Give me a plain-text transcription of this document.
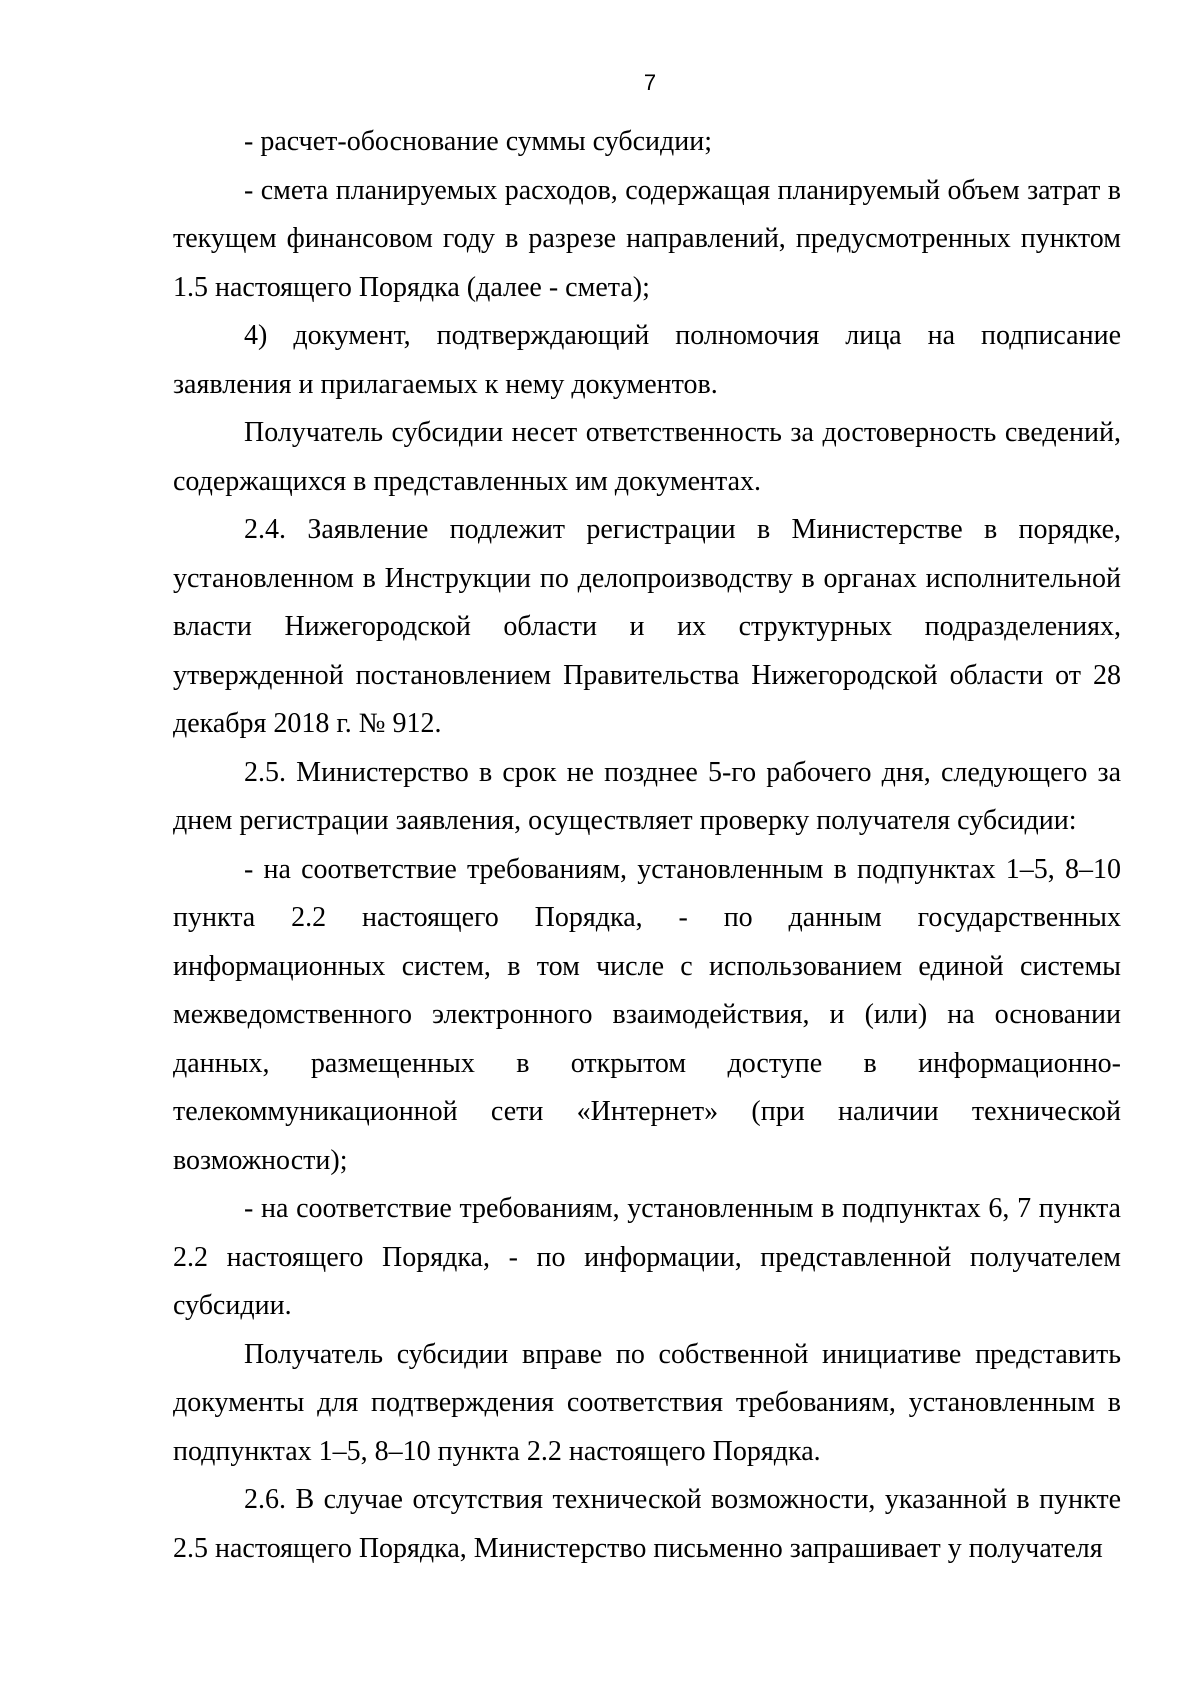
7

- расчет-обоснование суммы субсидии;

- смета планируемых расходов, содержащая планируемый объем затрат в текущем финансовом году в разрезе направлений, предусмотренных пунктом 1.5 настоящего Порядка (далее - смета);

4) документ, подтверждающий полномочия лица на подписание заявления и прилагаемых к нему документов.

Получатель субсидии несет ответственность за достоверность сведений, содержащихся в представленных им документах.

2.4. Заявление подлежит регистрации в Министерстве в порядке, установленном в Инструкции по делопроизводству в органах исполнительной власти Нижегородской области и их структурных подразделениях, утвержденной постановлением Правительства Нижегородской области от 28 декабря 2018 г. № 912.

2.5. Министерство в срок не позднее 5-го рабочего дня, следующего за днем регистрации заявления, осуществляет проверку получателя субсидии:

- на соответствие требованиям, установленным в подпунктах 1–5, 8–10 пункта 2.2 настоящего Порядка, - по данным государственных информационных систем, в том числе с использованием единой системы межведомственного электронного взаимодействия, и (или) на основании данных, размещенных в открытом доступе в информационно-телекоммуникационной сети «Интернет» (при наличии технической возможности);

- на соответствие требованиям, установленным в подпунктах 6, 7 пункта 2.2 настоящего Порядка, - по информации, представленной получателем субсидии.

Получатель субсидии вправе по собственной инициативе представить документы для подтверждения соответствия требованиям, установленным в подпунктах 1–5, 8–10 пункта 2.2 настоящего Порядка.

2.6. В случае отсутствия технической возможности, указанной в пункте 2.5 настоящего Порядка, Министерство письменно запрашивает у получателя
